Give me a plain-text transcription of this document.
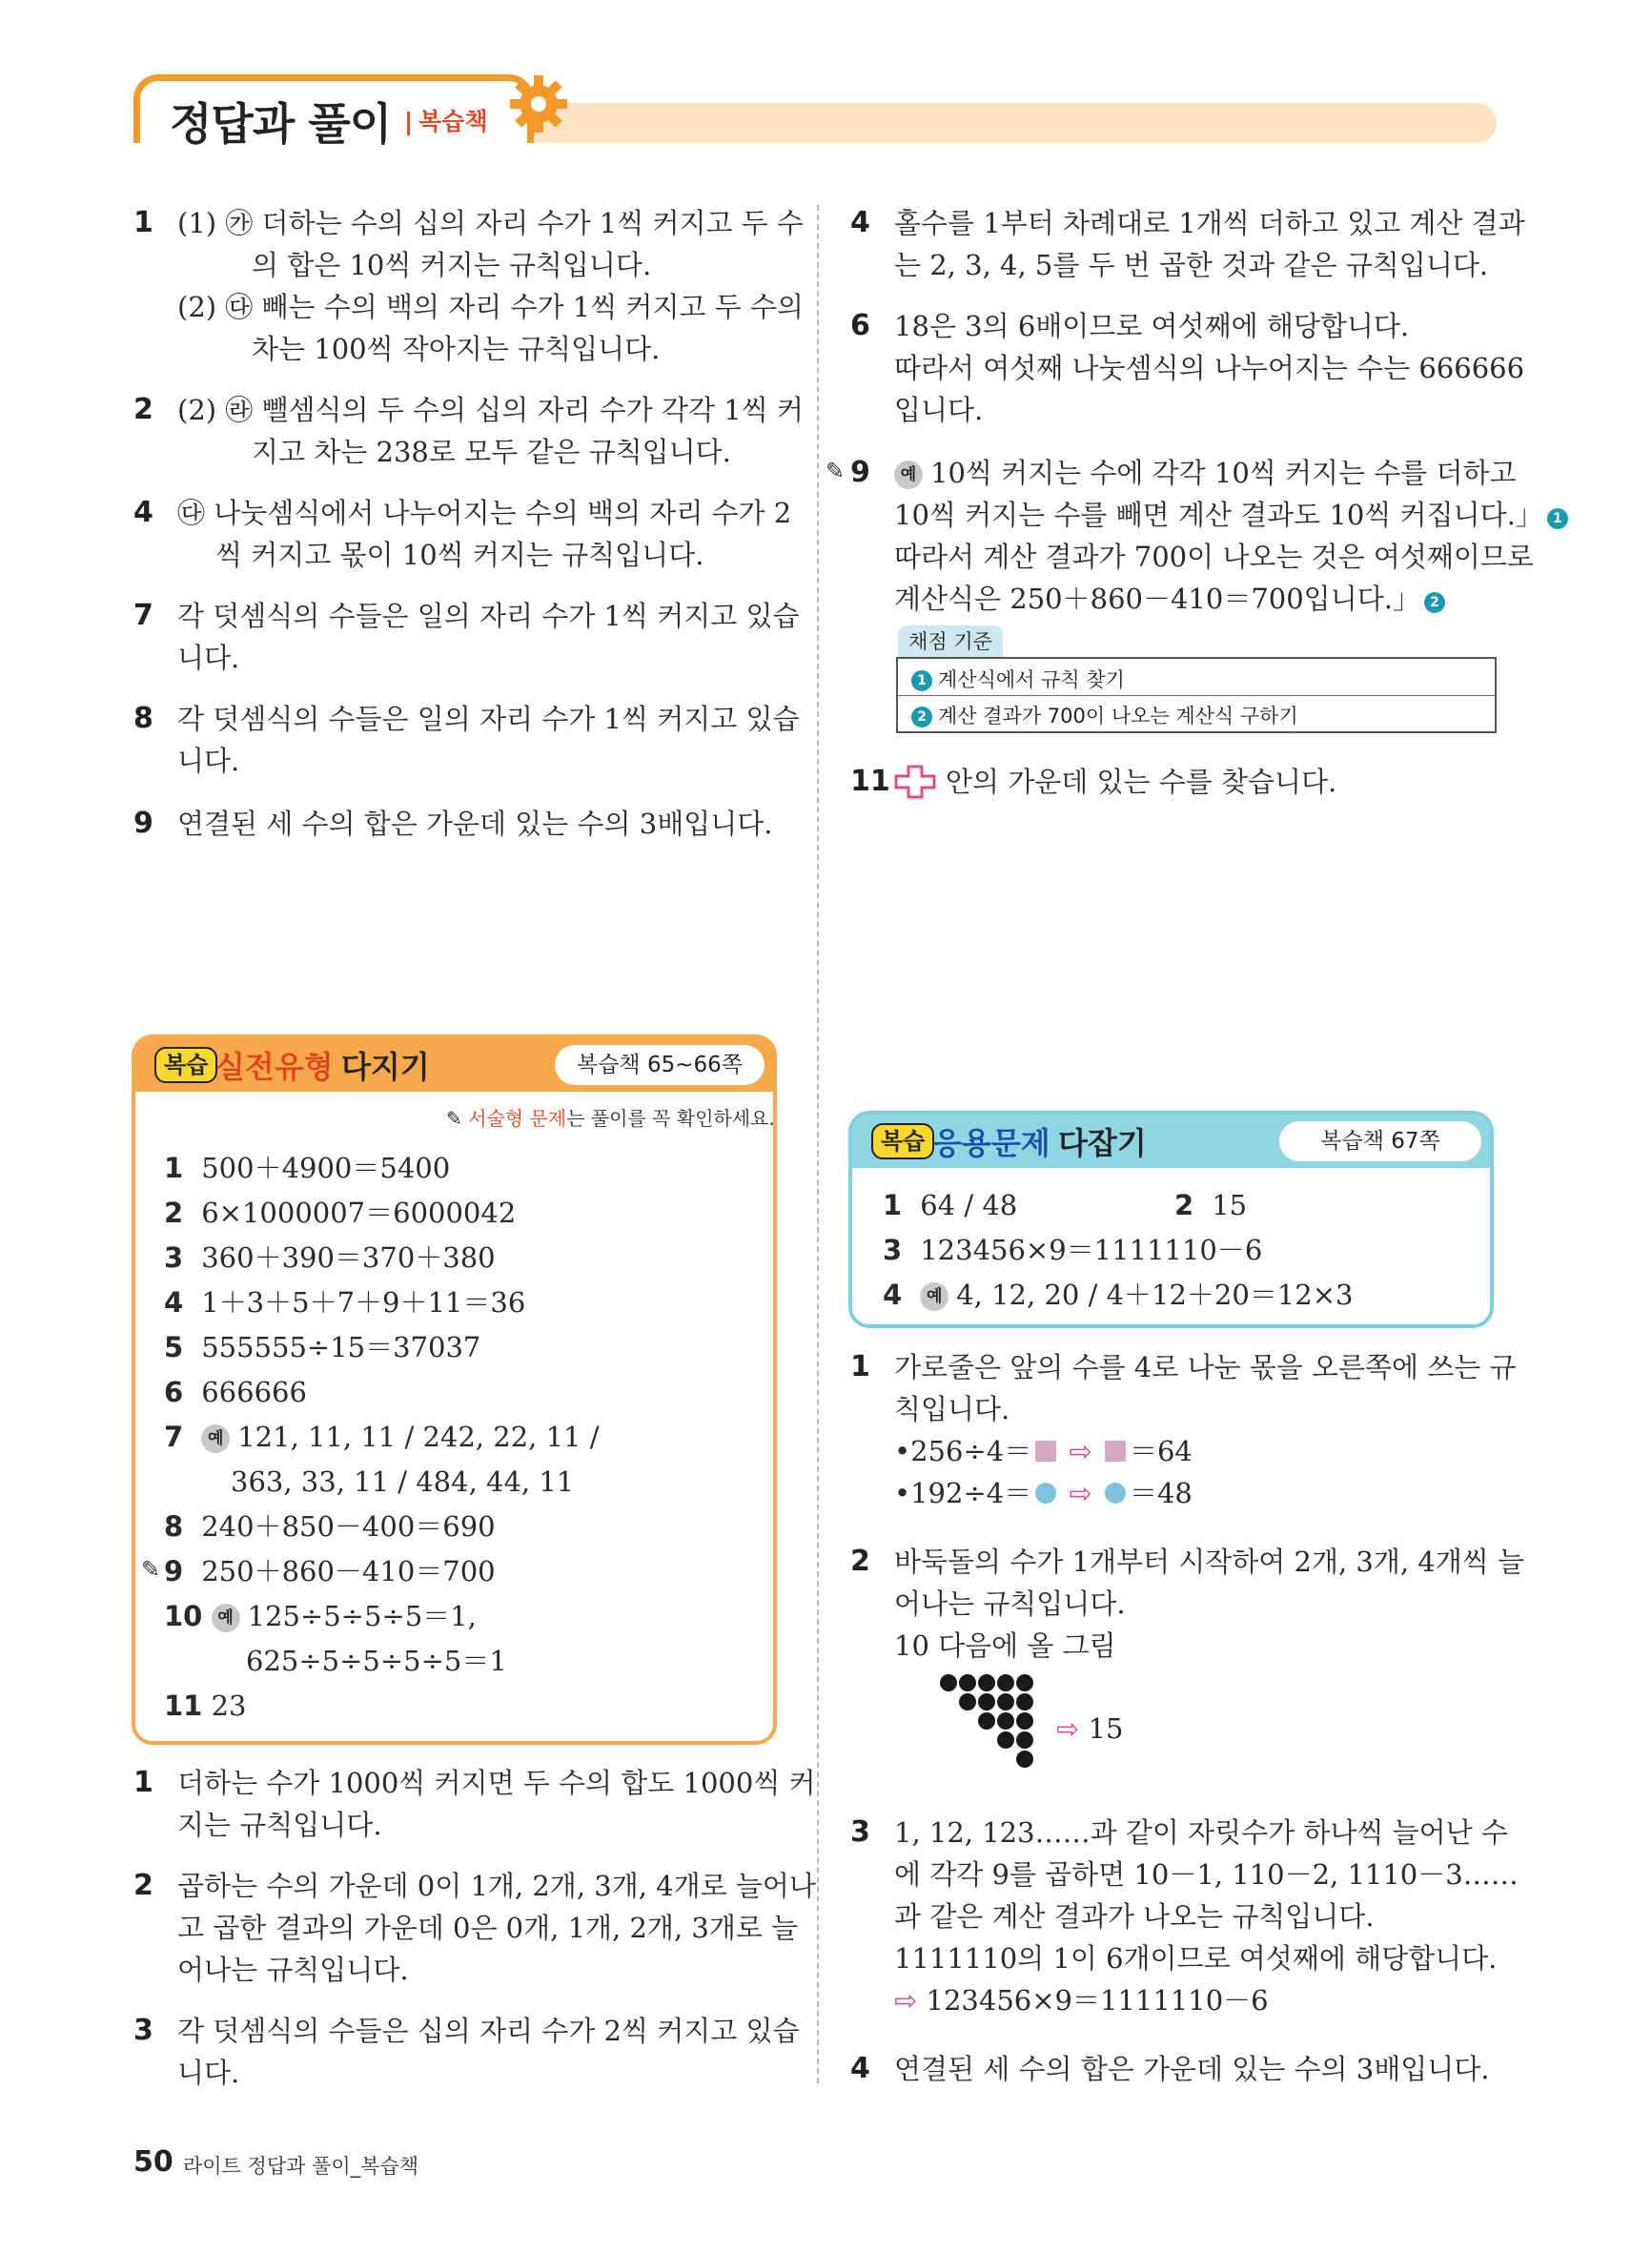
정답과 풀이 | 복습책
1 (1) ㉮ 더하는 수의 십의 자리 수가 1씩 커지고 두 수
의 합은 10씩 커지는 규칙입니다.
(2) ㉰ 빼는 수의 백의 자리 수가 1씩 커지고 두 수의
차는 100씩 작아지는 규칙입니다.
2 (2) ㉱ 뺄셈식의 두 수의 십의 자리 수가 각각 1씩 커
지고 차는 238로 모두 같은 규칙입니다.
4 ㉰ 나눗셈식에서 나누어지는 수의 백의 자리 수가 2
씩 커지고 몫이 10씩 커지는 규칙입니다.
7 각 덧셈식의 수들은 일의 자리 수가 1씩 커지고 있습
니다.
8 각 덧셈식의 수들은 일의 자리 수가 1씩 커지고 있습
니다.
9 연결된 세 수의 합은 가운데 있는 수의 3배입니다.
4 홀수를 1부터 차례대로 1개씩 더하고 있고 계산 결과
는 2, 3, 4, 5를 두 번 곱한 것과 같은 규칙입니다.
6 18은 3의 6배이므로 여섯째에 해당합니다.
따라서 여섯째 나눗셈식의 나누어지는 수는 666666
입니다.
✎ 9	예 10씩 커지는 수에 각각 10씩 커지는 수를 더하고
10씩 커지는 수를 빼면 계산 결과도 10씩 커집니다.」 1
따라서 계산 결과가 700이 나오는 것은 여섯째이므로
계산식은 250＋860－410＝700입니다.」 2
채점 기준
1 계산식에서 규칙 찾기
2 계산 결과가 700이 나오는 계산식 구하기
11 안의 가운데 있는 수를 찾습니다.
복습 실전유형 다지기	복습책 65~66쪽
✎ 서술형 문제는 풀이를 꼭 확인하세요.
1 500＋4900＝5400
2 6×1000007＝6000042
3 360＋390＝370＋380
4 1＋3＋5＋7＋9＋11＝36
5 555555÷15＝37037
6 666666
7 예 121, 11, 11 / 242, 22, 11 /
363, 33, 11 / 484, 44, 11
8 240＋850－400＝690
✎ 9 250＋860－410＝700
10 예 125÷5÷5÷5＝1,
625÷5÷5÷5÷5＝1
11 23
1 더하는 수가 1000씩 커지면 두 수의 합도 1000씩 커
지는 규칙입니다.
2 곱하는 수의 가운데 0이 1개, 2개, 3개, 4개로 늘어나
고 곱한 결과의 가운데 0은 0개, 1개, 2개, 3개로 늘
어나는 규칙입니다.
3 각 덧셈식의 수들은 십의 자리 수가 2씩 커지고 있습
니다.
복습 응용문제 다잡기	복습책 67쪽
1 64 / 48	2 15
3 123456×9＝1111110－6
4 예 4, 12, 20 / 4＋12＋20＝12×3
1 가로줄은 앞의 수를 4로 나눈 몫을 오른쪽에 쓰는 규
칙입니다.
•256÷4＝ ⇨ ＝64
•192÷4＝ ⇨ ＝48
2 바둑돌의 수가 1개부터 시작하여 2개, 3개, 4개씩 늘
어나는 규칙입니다.
10 다음에 올 그림
⇨ 15
3 1, 12, 123……과 같이 자릿수가 하나씩 늘어난 수
에 각각 9를 곱하면 10－1, 110－2, 1110－3……
과 같은 계산 결과가 나오는 규칙입니다.
1111110의 1이 6개이므로 여섯째에 해당합니다.
⇨ 123456×9＝1111110－6
4 연결된 세 수의 합은 가운데 있는 수의 3배입니다.
50 라이트 정답과 풀이_복습책
